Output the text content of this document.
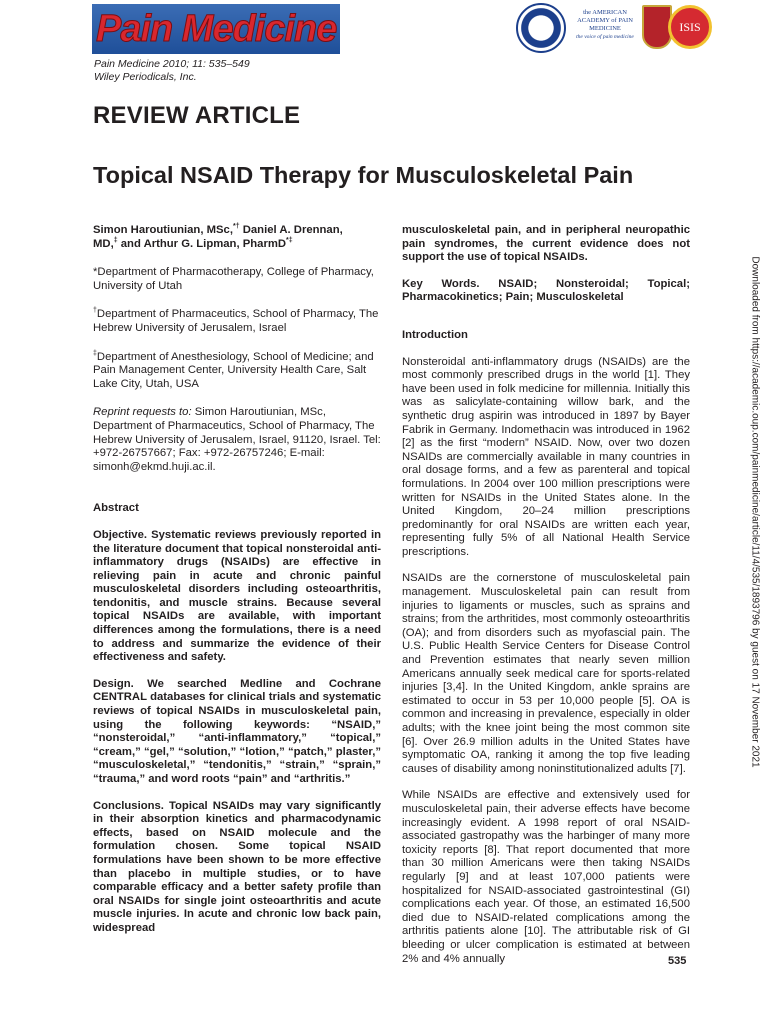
Pain Medicine	the AMERICAN ACADEMY of PAIN MEDICINE
the voice of pain medicine
ISIS
Pain Medicine 2010; 11: 535–549
Wiley Periodicals, Inc.
REVIEW ARTICLE
Topical NSAID Therapy for Musculoskeletal Pain

Simon Haroutiunian, MSc,*† Daniel A. Drennan,
MD,‡ and Arthur G. Lipman, PharmD*‡

*Department of Pharmacotherapy, College of Pharmacy, University of Utah

†Department of Pharmaceutics, School of Pharmacy, The Hebrew University of Jerusalem, Israel

‡Department of Anesthesiology, School of Medicine; and Pain Management Center, University Health Care, Salt Lake City, Utah, USA

Reprint requests to: Simon Haroutiunian, MSc, Department of Pharmaceutics, School of Pharmacy, The Hebrew University of Jerusalem, Israel, 91120, Israel. Tel: +972-26757667; Fax: +972-26757246; E-mail: simonh@ekmd.huji.ac.il.

Abstract

Objective. Systematic reviews previously reported in the literature document that topical nonsteroidal anti-inflammatory drugs (NSAIDs) are effective in relieving pain in acute and chronic painful musculoskeletal disorders including osteoarthritis, tendonitis, and muscle strains. Because several topical NSAIDs are available, with important differences among the formulations, there is a need to address and summarize the evidence of their effectiveness and safety.

Design. We searched Medline and Cochrane CENTRAL databases for clinical trials and systematic reviews of topical NSAIDs in musculoskeletal pain, using the following keywords: “NSAID,” “nonsteroidal,” “anti-inflammatory,” “topical,” “cream,” “gel,” “solution,” “lotion,” “patch,” plaster,” “musculoskeletal,” “tendonitis,” “strain,” “sprain,” “trauma,” and word roots “pain” and “arthritis.”

Conclusions. Topical NSAIDs may vary significantly in their absorption kinetics and pharmacodynamic effects, based on NSAID molecule and the formulation chosen. Some topical NSAID formulations have been shown to be more effective than placebo in multiple studies, or to have comparable efficacy and a better safety profile than oral NSAIDs for single joint osteoarthritis and acute muscle injuries. In acute and chronic low back pain, widespread

musculoskeletal pain, and in peripheral neuropathic pain syndromes, the current evidence does not support the use of topical NSAIDs.

Key Words. NSAID; Nonsteroidal; Topical; Pharmacokinetics; Pain; Musculoskeletal

Introduction

Nonsteroidal anti-inflammatory drugs (NSAIDs) are the most commonly prescribed drugs in the world [1]. They have been used in folk medicine for millennia. Initially this was as salicylate-containing willow bark, and the synthetic drug aspirin was introduced in 1897 by Bayer Fabrik in Germany. Indomethacin was introduced in 1962 [2] as the first “modern” NSAID. Now, over two dozen NSAIDs are commercially available in many countries in oral dosage forms, and a few as parenteral and topical formulations. In 2004 over 100 million prescriptions were written for NSAIDs in the United States alone. In the United Kingdom, 20–24 million prescriptions predominantly for oral NSAIDs are written each year, representing fully 5% of all National Health Service prescriptions.

NSAIDs are the cornerstone of musculoskeletal pain management. Musculoskeletal pain can result from injuries to ligaments or muscles, such as sprains and strains; from the arthritides, most commonly osteoarthritis (OA); and from disorders such as myofascial pain. The U.S. Public Health Service Centers for Disease Control and Prevention estimates that nearly seven million Americans annually seek medical care for sports-related injuries [3,4]. In the United Kingdom, ankle sprains are estimated to occur in 53 per 10,000 people [5]. OA is common and increasing in prevalence, especially in older adults; with the knee joint being the most common site [6]. Over 26.9 million adults in the United States have symptomatic OA, ranking it among the top five leading causes of disability among noninstitutionalized adults [7].

While NSAIDs are effective and extensively used for musculoskeletal pain, their adverse effects have become increasingly evident. A 1998 report of oral NSAID-associated gastropathy was the harbinger of many more toxicity reports [8]. That report documented that more than 30 million Americans were then taking NSAIDs regularly [9] and at least 107,000 patients were hospitalized for NSAID-associated gastrointestinal (GI) complications each year. Of those, an estimated 16,500 died due to NSAID-related complications among the arthritis patients alone [10]. The attributable risk of GI bleeding or ulcer complication is estimated at between 2% and 4% annually	535
Downloaded from https://academic.oup.com/painmedicine/article/11/4/535/1893796 by guest on 17 November 2021
